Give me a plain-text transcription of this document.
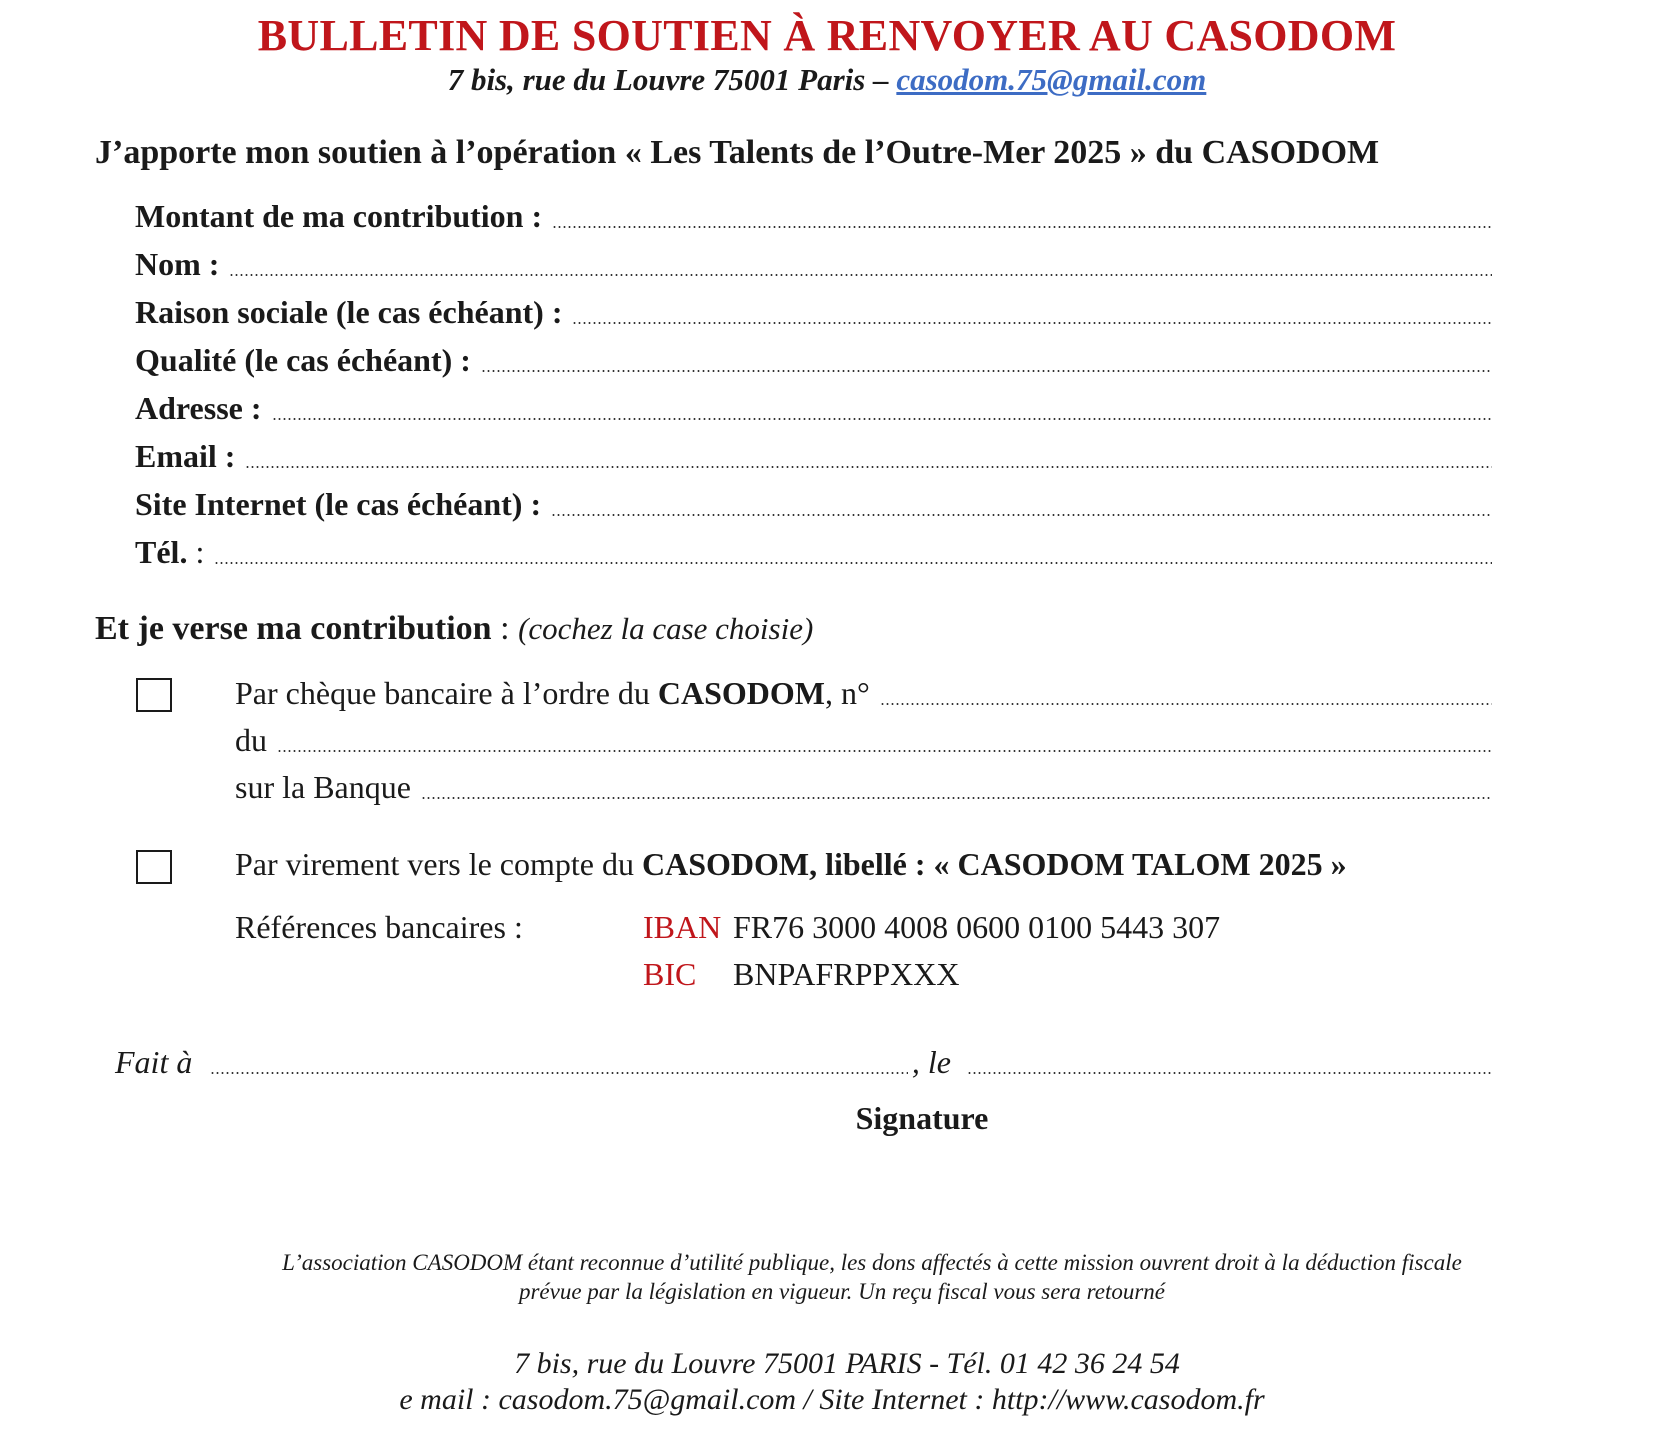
BULLETIN DE SOUTIEN À RENVOYER AU CASODOM
7 bis, rue du Louvre 75001 Paris – casodom.75@gmail.com
J’apporte mon soutien à l’opération « Les Talents de l’Outre-Mer 2025 » du CASODOM
Montant de ma contribution :
Nom :
Raison sociale (le cas échéant) :
Qualité (le cas échéant) :
Adresse :
Email :
Site Internet (le cas échéant) :
Tél. :
Et je verse ma contribution : (cochez la case choisie)
Par chèque bancaire à l’ordre du CASODOM, n°
du
sur la Banque
Par virement vers le compte du CASODOM, libellé : « CASODOM TALOM 2025 »
Références bancaires :	IBAN FR76 3000 4008 0600 0100 5443 307
BIC BNPAFRPPXXX
Fait à	, le
Signature
L’association CASODOM étant reconnue d’utilité publique, les dons affectés à cette mission ouvrent droit à la déduction fiscale
prévue par la législation en vigueur. Un reçu fiscal vous sera retourné
7 bis, rue du Louvre 75001 PARIS - Tél. 01 42 36 24 54
e mail : casodom.75@gmail.com / Site Internet : http://www.casodom.fr
